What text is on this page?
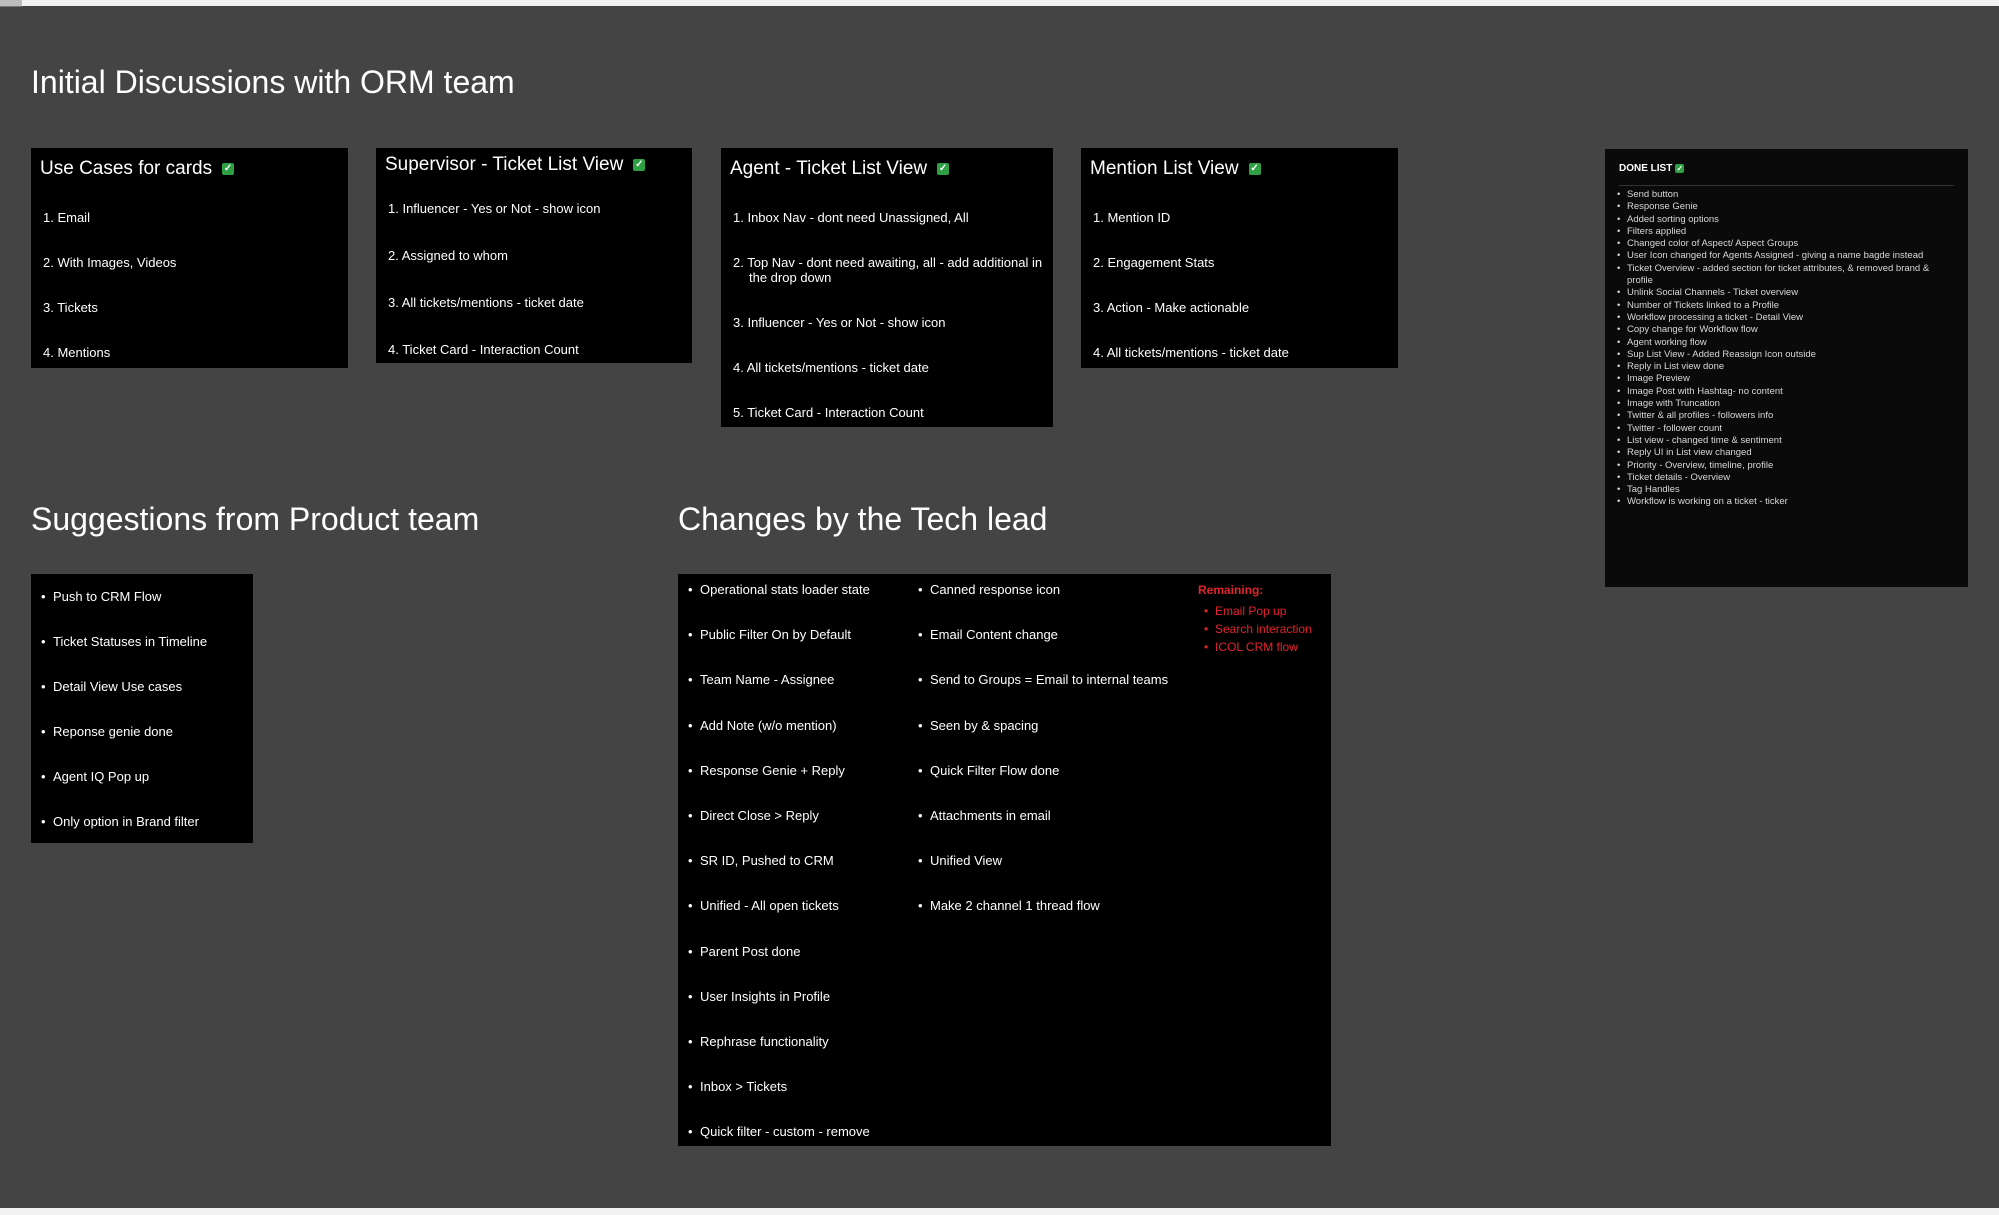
Initial Discussions with ORM team
Suggestions from Product team	Changes by the Tech lead
Use Cases for cards ✓
1. Email
2. With Images, Videos
3. Tickets
4. Mentions
Supervisor - Ticket List View ✓
1. Influencer - Yes or Not - show icon
2. Assigned to whom
3. All tickets/mentions - ticket date
4. Ticket Card - Interaction Count
Agent - Ticket List View ✓
1. Inbox Nav - dont need Unassigned, All
2. Top Nav - dont need awaiting, all - add additional in the drop down
3. Influencer - Yes or Not - show icon
4. All tickets/mentions - ticket date
5. Ticket Card - Interaction Count
Mention List View ✓
1. Mention ID
2. Engagement Stats
3. Action - Make actionable
4. All tickets/mentions - ticket date
DONE LIST ✓
• Send button
• Response Genie
• Added sorting options
• Filters applied
• Changed color of Aspect/ Aspect Groups
• User Icon changed for Agents Assigned - giving a name bagde instead
• Ticket Overview - added section for ticket attributes, & removed brand & profile
• Unlink Social Channels - Ticket overview
• Number of Tickets linked to a Profile
• Workflow processing a ticket - Detail View
• Copy change for Workflow flow
• Agent working flow
• Sup List View - Added Reassign Icon outside
• Reply in List view done
• Image Preview
• Image Post with Hashtag- no content
• Image with Truncation
• Twitter & all profiles - followers info
• Twitter - follower count
• List view - changed time & sentiment
• Reply UI in List view changed
• Priority - Overview, timeline, profile
• Ticket details - Overview
• Tag Handles
• Workflow is working on a ticket - ticker
• Push to CRM Flow
• Ticket Statuses in Timeline
• Detail View Use cases
• Reponse genie done
• Agent IQ Pop up
• Only option in Brand filter
• Operational stats loader state
• Public Filter On by Default
• Team Name - Assignee
• Add Note (w/o mention)
• Response Genie + Reply
• Direct Close > Reply
• SR ID, Pushed to CRM
• Unified - All open tickets
• Parent Post done
• User Insights in Profile
• Rephrase functionality
• Inbox > Tickets
• Quick filter - custom - remove
• Canned response icon
• Email Content change
• Send to Groups = Email to internal teams
• Seen by & spacing
• Quick Filter Flow done
• Attachments in email
• Unified View
• Make 2 channel 1 thread flow
Remaining:
• Email Pop up
• Search interaction
• ICOL CRM flow
